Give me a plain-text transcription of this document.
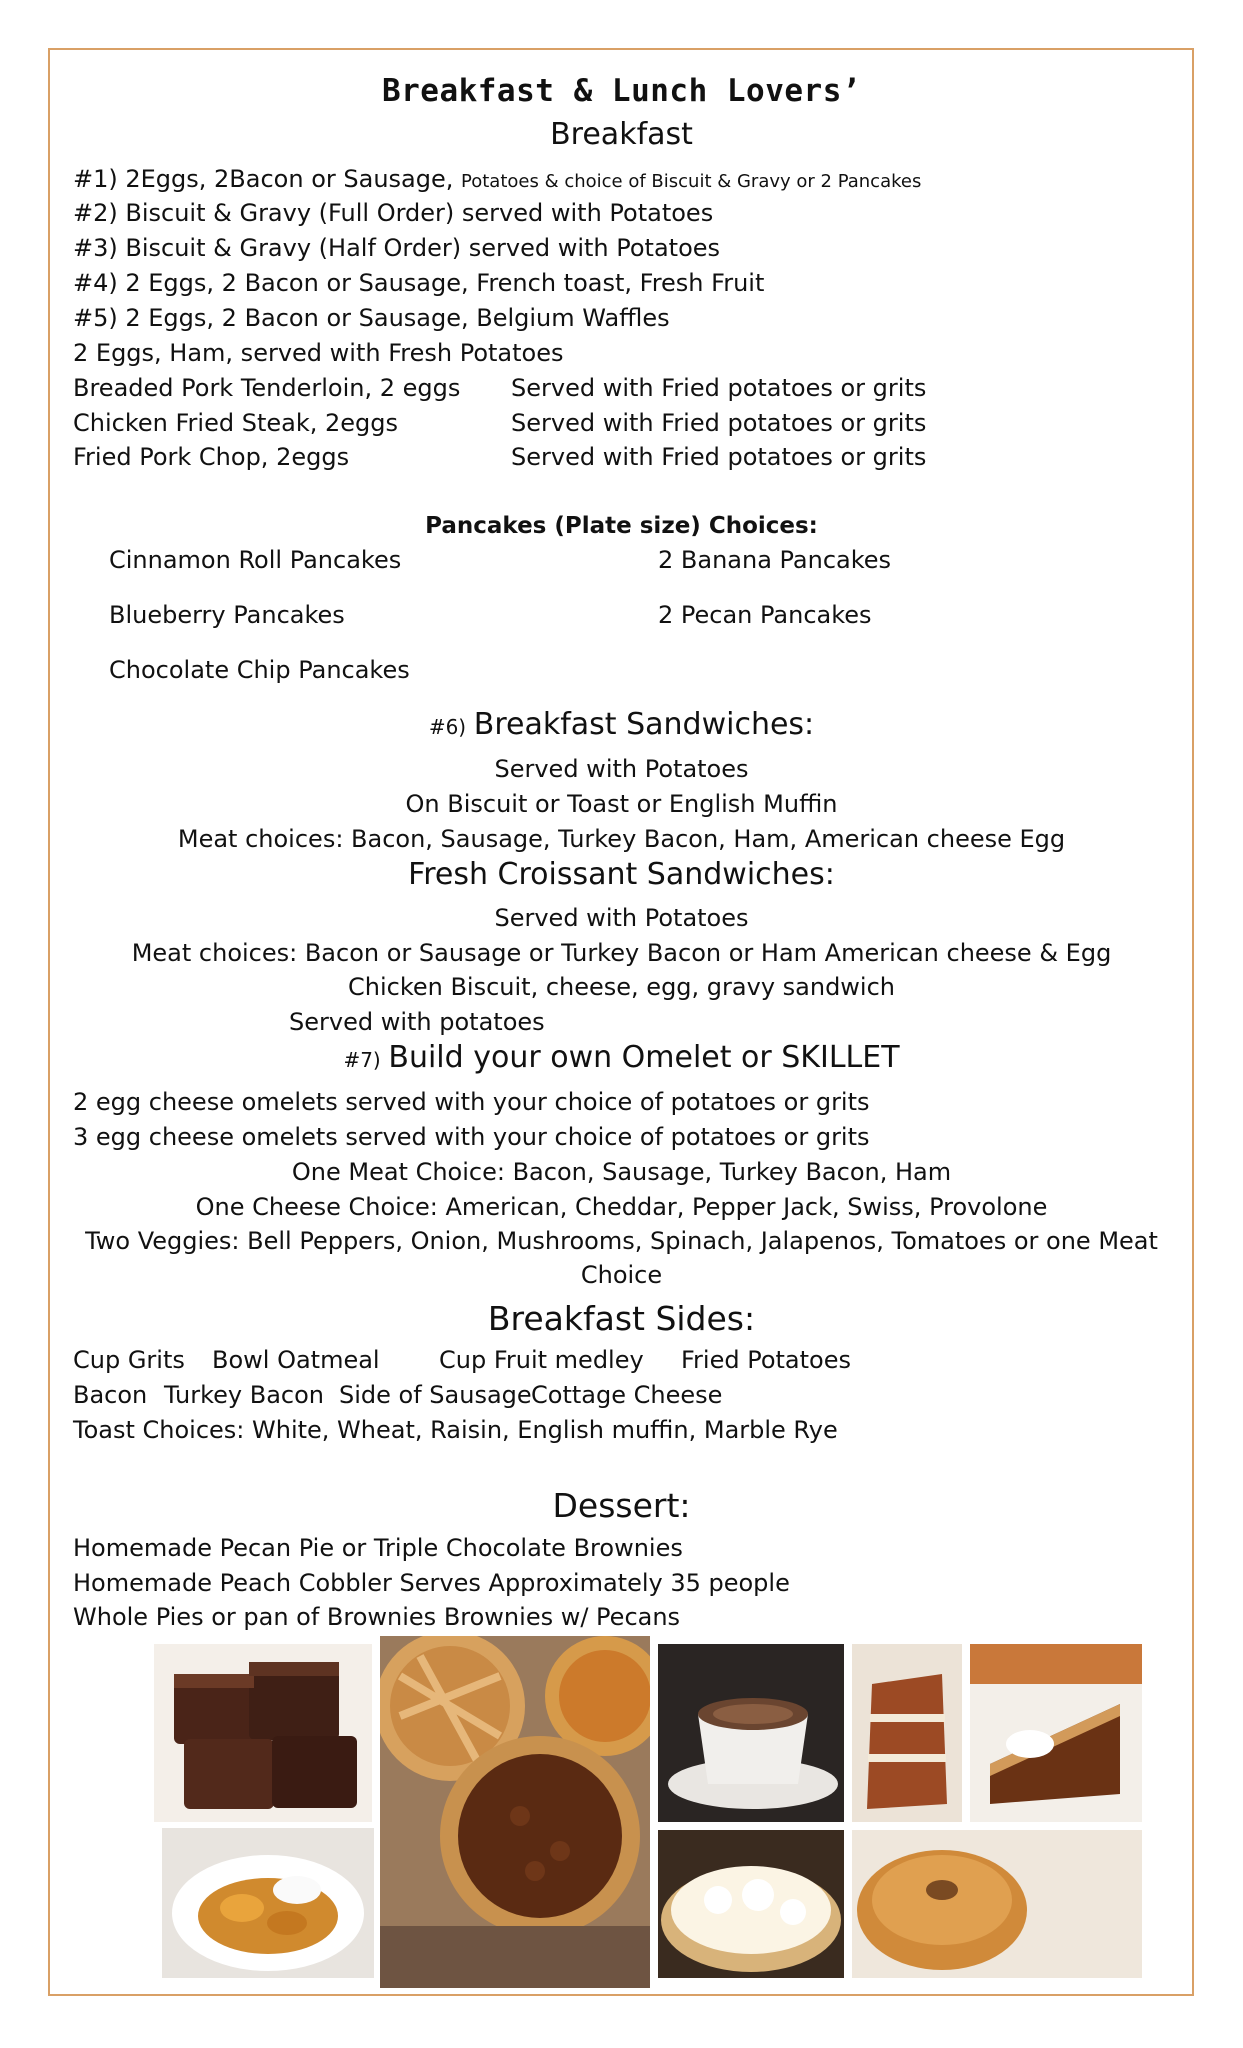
Breakfast & Lunch Lovers’
Breakfast
#1) 2Eggs, 2Bacon or Sausage, Potatoes & choice of Biscuit & Gravy or 2 Pancakes
#2) Biscuit & Gravy (Full Order) served with Potatoes
#3) Biscuit & Gravy (Half Order) served with Potatoes
#4) 2 Eggs, 2 Bacon or Sausage, French toast, Fresh Fruit
#5) 2 Eggs, 2 Bacon or Sausage, Belgium Waffles
2 Eggs, Ham, served with Fresh Potatoes
Breaded Pork Tenderloin, 2 eggs Served with Fried potatoes or grits
Chicken Fried Steak, 2eggs	Served with Fried potatoes or grits
Fried Pork Chop, 2eggs	Served with Fried potatoes or grits
Pancakes (Plate size) Choices:
Cinnamon Roll Pancakes	2 Banana Pancakes
Blueberry Pancakes	2 Pecan Pancakes
Chocolate Chip Pancakes
#6) Breakfast Sandwiches:
Served with Potatoes
On Biscuit or Toast or English Muffin
Meat choices: Bacon, Sausage, Turkey Bacon, Ham, American cheese Egg
Fresh Croissant Sandwiches:
Served with Potatoes
Meat choices: Bacon or Sausage or Turkey Bacon or Ham American cheese & Egg
Chicken Biscuit, cheese, egg, gravy sandwich
Served with potatoes
#7) Build your own Omelet or SKILLET
2 egg cheese omelets served with your choice of potatoes or grits
3 egg cheese omelets served with your choice of potatoes or grits
One Meat Choice: Bacon, Sausage, Turkey Bacon, Ham
One Cheese Choice: American, Cheddar, Pepper Jack, Swiss, Provolone
Two Veggies: Bell Peppers, Onion, Mushrooms, Spinach, Jalapenos, Tomatoes or one Meat
Choice
Breakfast Sides:
Cup Grits Bowl Oatmeal Cup Fruit medley Fried Potatoes
Bacon Turkey Bacon Side of Sausage Cottage Cheese
Toast Choices: White, Wheat, Raisin, English muffin, Marble Rye
Dessert:
Homemade Pecan Pie or Triple Chocolate Brownies
Homemade Peach Cobbler Serves Approximately 35 people
Whole Pies or pan of Brownies Brownies w/ Pecans
